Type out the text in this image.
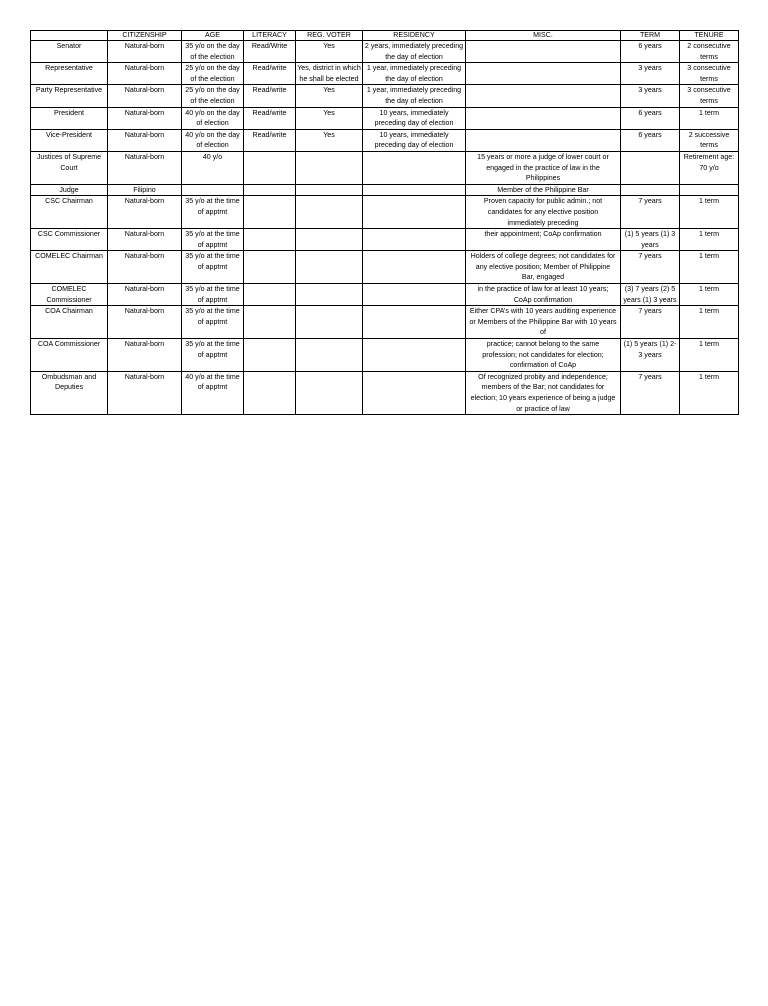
	CITIZENSHIP	AGE	LITERACY	REG. VOTER	RESIDENCY	MISC.	TERM	TENURE
Senator	Natural-born	35 y/o on the day of the election	Read/Write	Yes	2 years, immediately preceding the day of election		6 years	2 consecutive terms
Representative	Natural-born	25 y/o on the day of the election	Read/write	Yes, district in which he shall be elected	1 year, immediately preceding the day of election		3 years	3 consecutive terms
Party Representative	Natural-born	25 y/o on the day of the election	Read/write	Yes	1 year, immediately preceding the day of election		3 years	3 consecutive terms
President	Natural-born	40 y/o on the day of election	Read/write	Yes	10 years, immediately preceding day of election		6 years	1 term
Vice-President	Natural-born	40 y/o on the day of election	Read/write	Yes	10 years, immediately preceding day of election		6 years	2 successive terms
Justices of Supreme Court	Natural-born	40 y/o				15 years or more a judge of lower court or engaged in the practice of law in the Philippines		Retirement age: 70 y/o
Judge	Filipino					Member of the Philippine Bar		
CSC Chairman	Natural-born	35 y/o at the time of apptmt				Proven capacity for public admin.; not candidates for any elective position immediately preceding	7 years	1 term
CSC Commissioner	Natural-born	35 y/o at the time of apptmt				their appointment; CoAp confirmation	(1) 5 years (1) 3 years	1 term
COMELEC Chairman	Natural-born	35 y/o at the time of apptmt				Holders of college degrees; not candidates for any elective position; Member of Philippine Bar, engaged	7 years	1 term
COMELEC Commissioner	Natural-born	35 y/o at the time of apptmt				in the practice of law for at least 10 years; CoAp confirmation	(3) 7 years (2) 5 years (1) 3 years	1 term
COA Chairman	Natural-born	35 y/o at the time of apptmt				Either CPA’s with 10 years auditing experience or Members of the Philippine Bar with 10 years of	7 years	1 term
COA Commissioner	Natural-born	35 y/o at the time of apptmt				practice; cannot belong to the same profession; not candidates for election; confirmation of CoAp	(1) 5 years (1) 2-3 years	1 term
Ombudsman and Deputies	Natural-born	40 y/o at the time of apptmt				Of recognized probity and independence; members of the Bar; not candidates for election; 10 years experience of being a judge or practice of law	7 years	1 term
